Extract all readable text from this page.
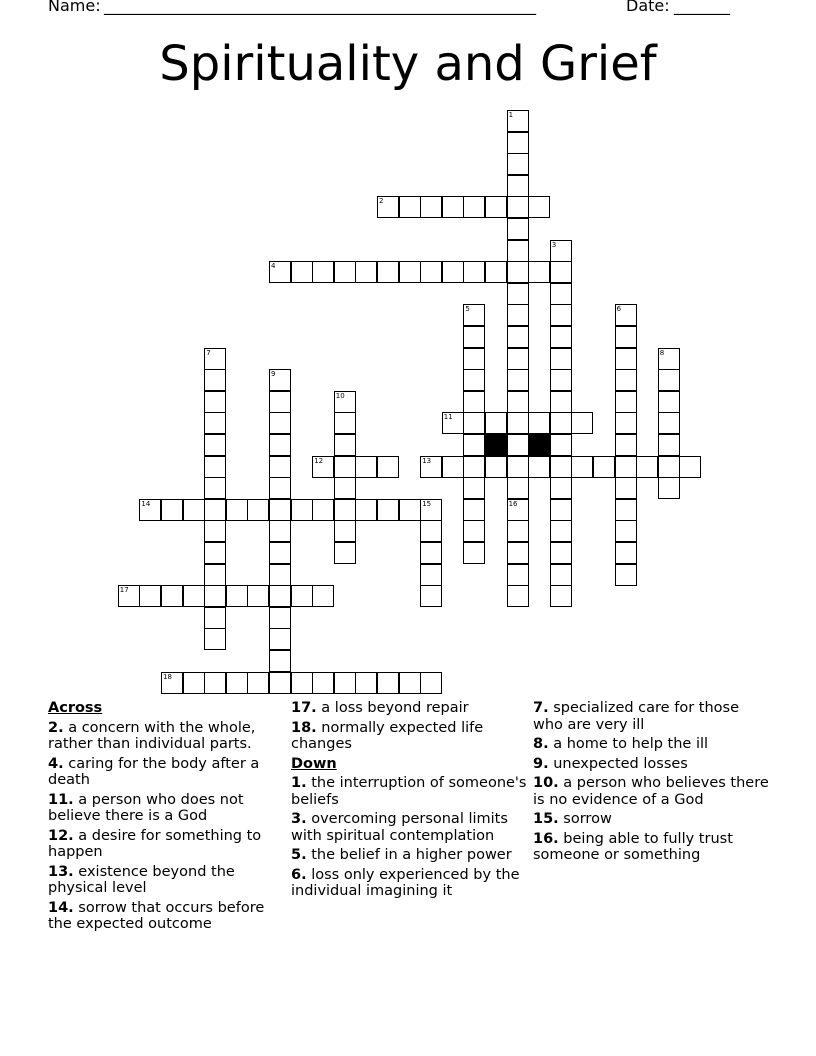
Name: ______________________________________________________	Date: _______
Spirituality and Grief
1
16
2
3
4
5	6
7	8
9
10
11
12	13
14	15
17
18
Across
2. a concern with the whole, rather than individual parts.
4. caring for the body after a death
11. a person who does not believe there is a God
12. a desire for something to happen
13. existence beyond the physical level
14. sorrow that occurs before the expected outcome
17. a loss beyond repair
18. normally expected life changes
Down
1. the interruption of someone's beliefs
3. overcoming personal limits with spiritual contemplation
5. the belief in a higher power
6. loss only experienced by the individual imagining it
7. specialized care for those who are very ill
8. a home to help the ill
9. unexpected losses
10. a person who believes there is no evidence of a God
15. sorrow
16. being able to fully trust someone or something
